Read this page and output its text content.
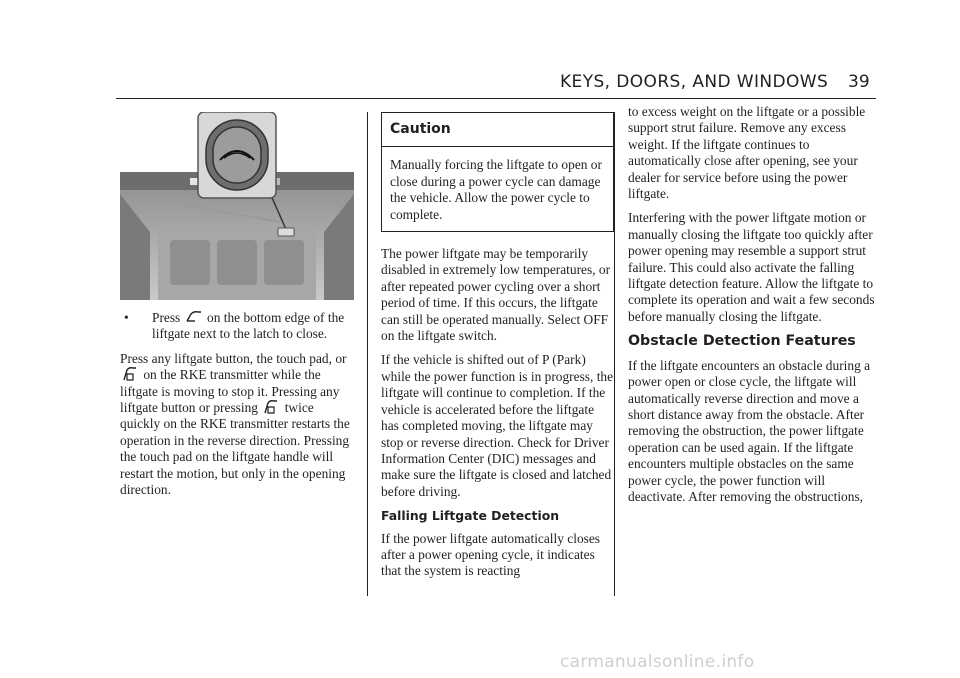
KEYS, DOORS, AND WINDOWS 39
• Press on the bottom edge of the liftgate next to the latch to close.

Press any liftgate button, the touch pad, or  on the RKE transmitter while the liftgate is moving to stop it. Pressing any liftgate button or pressing twice quickly on the RKE transmitter restarts the operation in the reverse direction. Pressing the touch pad on the liftgate handle will restart the motion, but only in the opening direction.

Caution
Manually forcing the liftgate to open or close during a power cycle can damage the vehicle. Allow the power cycle to complete.

The power liftgate may be temporarily disabled in extremely low temperatures, or after repeated power cycling over a short period of time. If this occurs, the liftgate can still be operated manually. Select OFF on the liftgate switch.

If the vehicle is shifted out of P (Park) while the power function is in progress, the liftgate will continue to completion. If the vehicle is accelerated before the liftgate has completed moving, the liftgate may stop or reverse direction. Check for Driver Information Center (DIC) messages and make sure the liftgate is closed and latched before driving.

Falling Liftgate Detection

If the power liftgate automatically closes after a power opening cycle, it indicates that the system is reacting

to excess weight on the liftgate or a possible support strut failure. Remove any excess weight. If the liftgate continues to automatically close after opening, see your dealer for service before using the power liftgate.

Interfering with the power liftgate motion or manually closing the liftgate too quickly after power opening may resemble a support strut failure. This could also activate the falling liftgate detection feature. Allow the liftgate to complete its operation and wait a few seconds before manually closing the liftgate.

Obstacle Detection Features

If the liftgate encounters an obstacle during a power open or close cycle, the liftgate will automatically reverse direction and move a short distance away from the obstacle. After removing the obstruction, the power liftgate operation can be used again. If the liftgate encounters multiple obstacles on the same power cycle, the power function will deactivate. After removing the obstructions,

carmanualsonline.info
